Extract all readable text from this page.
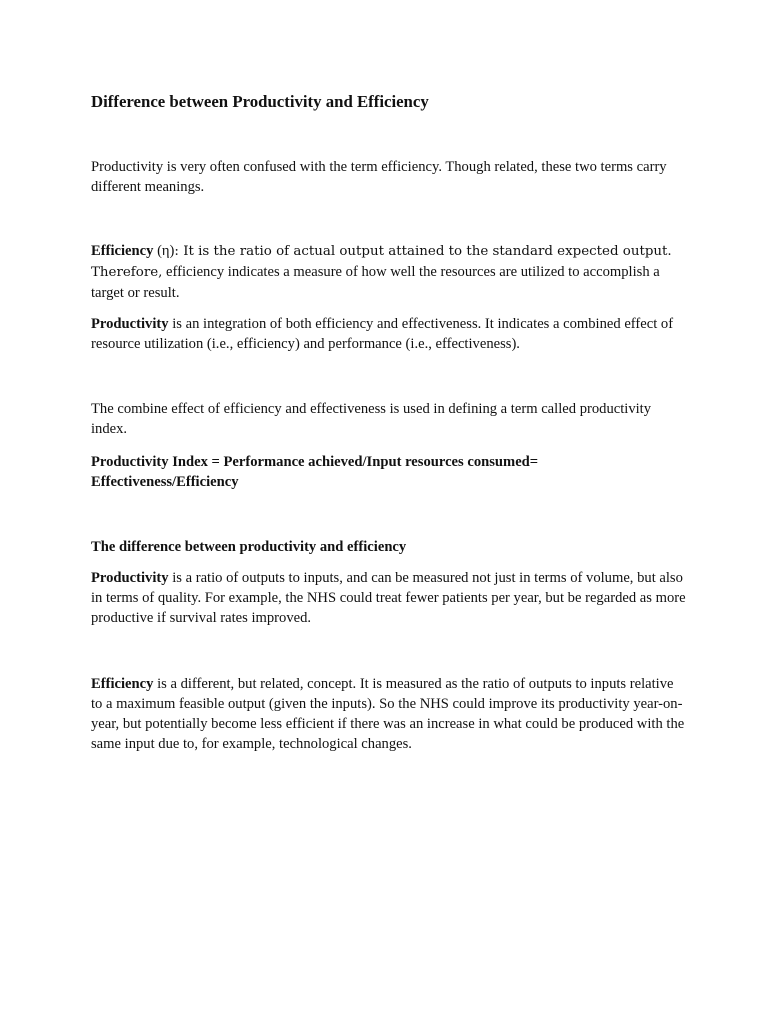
Difference between Productivity and Efficiency

Productivity is very often confused with the term efficiency. Though related, these two terms carry different meanings.

Efficiency (η): It is the ratio of actual output attained to the standard expected output. Therefore, efficiency indicates a measure of how well the resources are utilized to accomplish a target or result.

Productivity is an integration of both efficiency and effectiveness. It indicates a combined effect of resource utilization (i.e., efficiency) and performance (i.e., effectiveness).

The combine effect of efficiency and effectiveness is used in defining a term called productivity index.

Productivity Index = Performance achieved/Input resources consumed=
Effectiveness/Efficiency

The difference between productivity and efficiency

Productivity is a ratio of outputs to inputs, and can be measured not just in terms of volume, but also in terms of quality. For example, the NHS could treat fewer patients per year, but be regarded as more productive if survival rates improved.

Efficiency is a different, but related, concept. It is measured as the ratio of outputs to inputs relative to a maximum feasible output (given the inputs). So the NHS could improve its productivity year-on-year, but potentially become less efficient if there was an increase in what could be produced with the same input due to, for example, technological changes.
